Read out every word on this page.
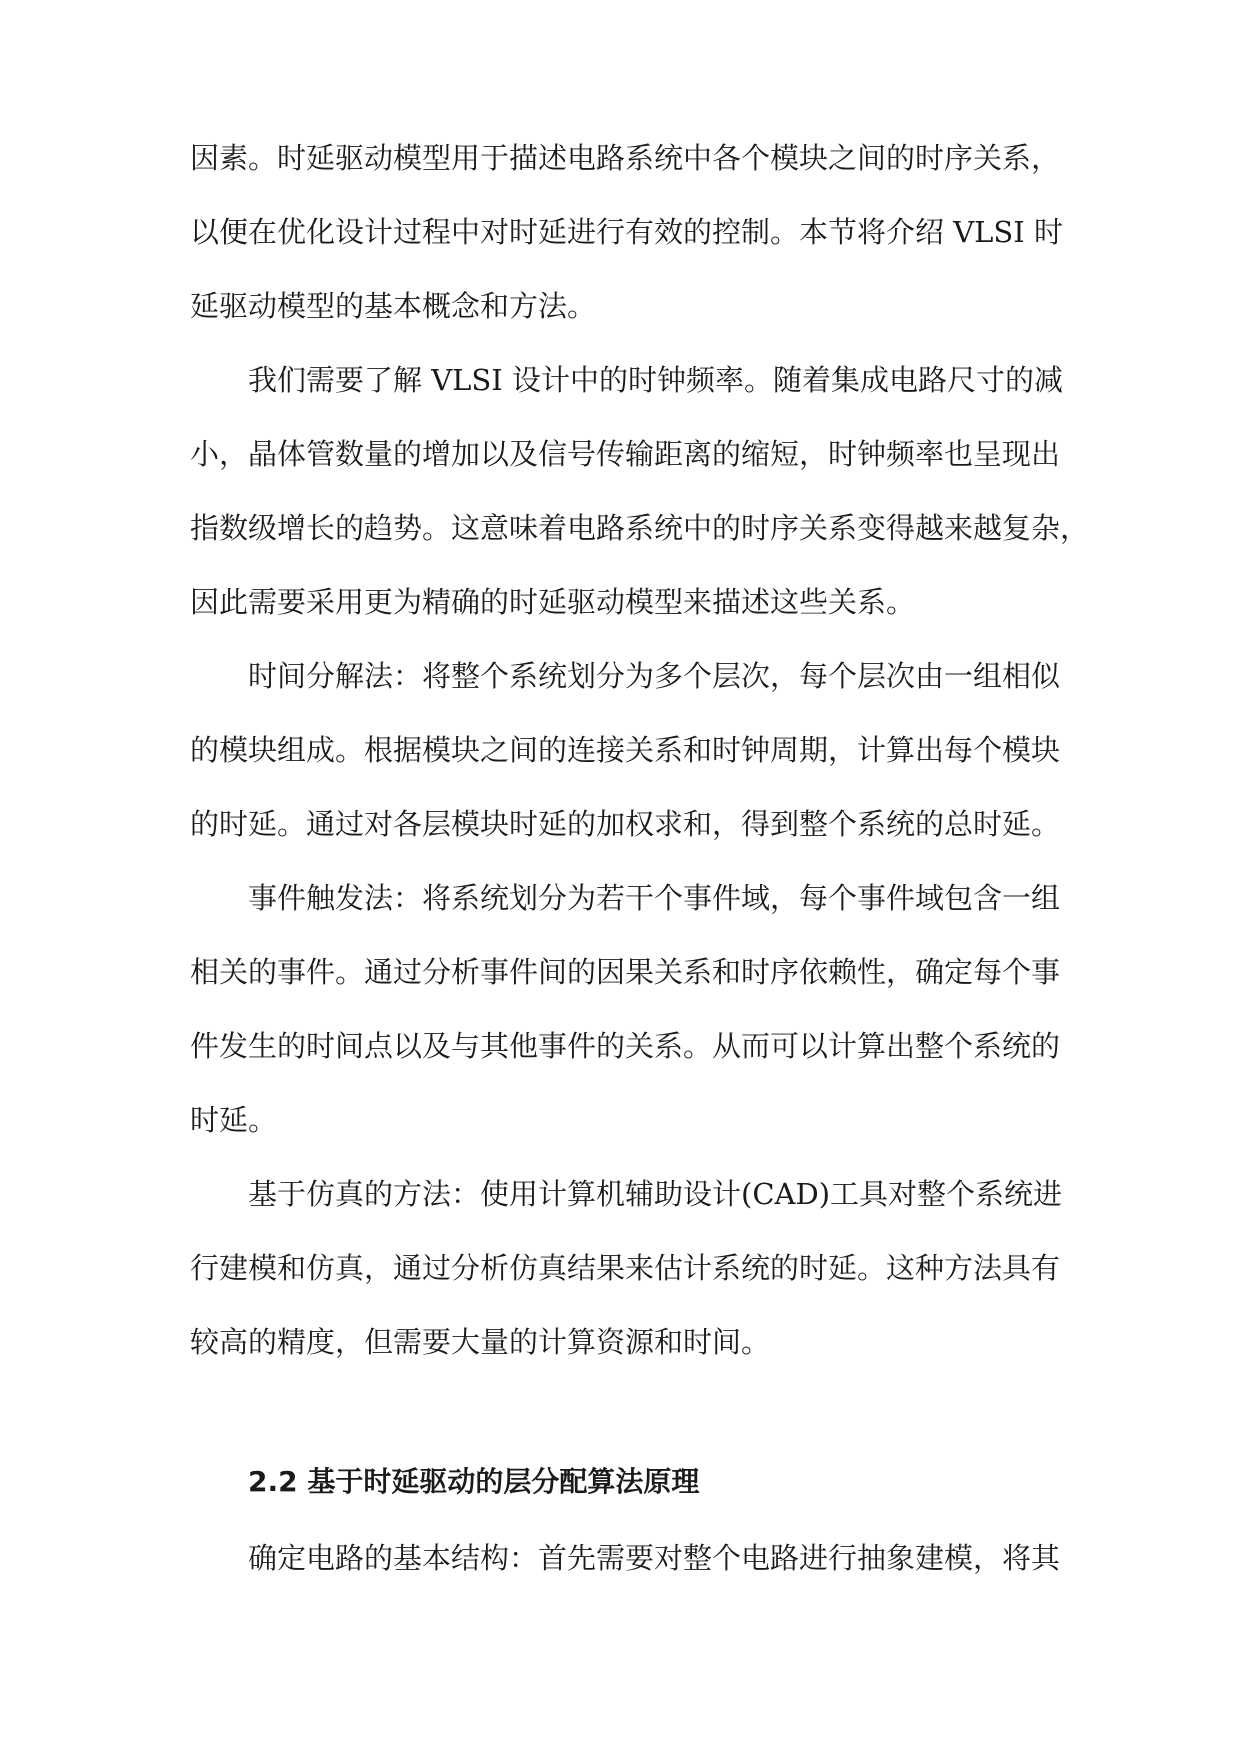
因素。时延驱动模型用于描述电路系统中各个模块之间的时序关系，
以便在优化设计过程中对时延进行有效的控制。本节将介绍 VLSI 时
延驱动模型的基本概念和方法。
我们需要了解 VLSI 设计中的时钟频率。随着集成电路尺寸的减
小，晶体管数量的增加以及信号传输距离的缩短，时钟频率也呈现出
指数级增长的趋势。这意味着电路系统中的时序关系变得越来越复杂，
因此需要采用更为精确的时延驱动模型来描述这些关系。
时间分解法：将整个系统划分为多个层次，每个层次由一组相似
的模块组成。根据模块之间的连接关系和时钟周期，计算出每个模块
的时延。通过对各层模块时延的加权求和，得到整个系统的总时延。
事件触发法：将系统划分为若干个事件域，每个事件域包含一组
相关的事件。通过分析事件间的因果关系和时序依赖性，确定每个事
件发生的时间点以及与其他事件的关系。从而可以计算出整个系统的
时延。
基于仿真的方法：使用计算机辅助设计(CAD)工具对整个系统进
行建模和仿真，通过分析仿真结果来估计系统的时延。这种方法具有
较高的精度，但需要大量的计算资源和时间。
2.2 基于时延驱动的层分配算法原理
确定电路的基本结构：首先需要对整个电路进行抽象建模，将其
